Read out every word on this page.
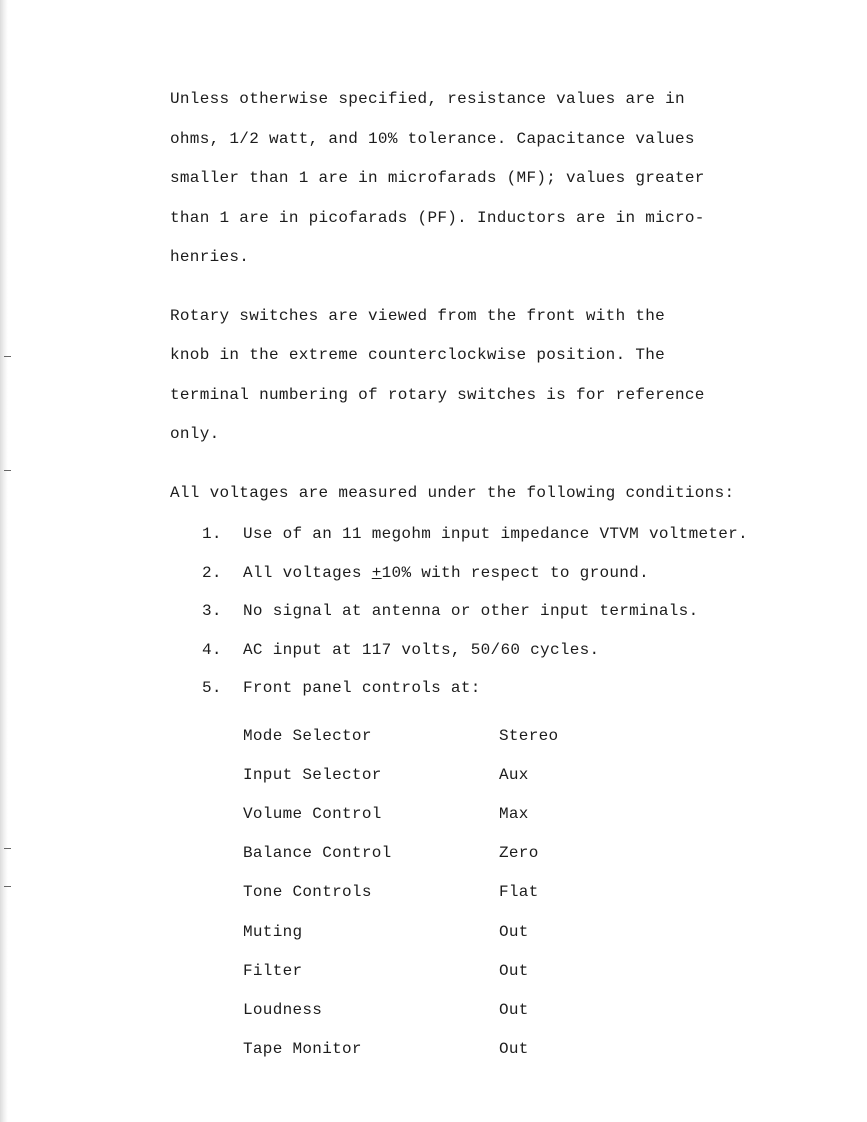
Unless otherwise specified, resistance values are in
ohms, 1/2 watt, and 10% tolerance. Capacitance values
smaller than 1 are in microfarads (MF); values greater
than 1 are in picofarads (PF). Inductors are in micro-
henries.

Rotary switches are viewed from the front with the
knob in the extreme counterclockwise position. The
terminal numbering of rotary switches is for reference
only.

All voltages are measured under the following conditions:

1.	Use of an 11 megohm input impedance VTVM voltmeter.
2.	All voltages +10% with respect to ground.
3.	No signal at antenna or other input terminals.
4.	AC input at 117 volts, 50/60 cycles.
5.	Front panel controls at:
Mode Selector	Stereo
Input Selector	Aux
Volume Control	Max
Balance Control	Zero
Tone Controls	Flat
Muting	Out
Filter	Out
Loudness	Out
Tape Monitor	Out
